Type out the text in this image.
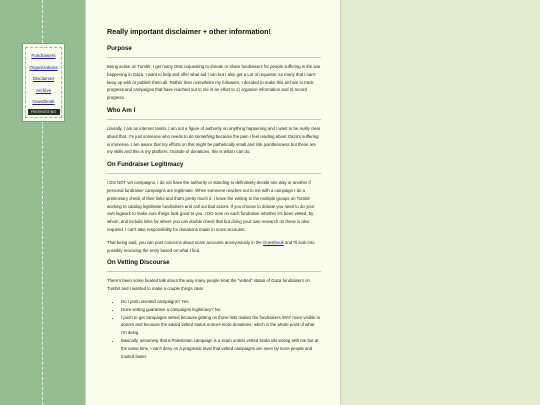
Fundraisers
Organizations
Disclaimer
Archive
Guestbook
FREEHOSTING
Really important disclaimer + other information!
Purpose

Being active on Tumblr, I get many DMs requesting to donate or share fundraisers for people suffering in the war happening in Gaza. I want to help and offer what aid I can but I also get a Lot of requests- so many that I can't keep up with or publish them all. Rather than overwhelm my followers, I decided to make this archive to track progress and campaigns that have reached out to me in an effort to 1) organize information and 2) record progress.

Who Am I

Literally, I am an internet rando. I am not a figure of authority on anything happening and I want to be really clear about that. I'm just someone who needs to do something because the pain I feel reading about Gaza's suffering is immense. I am aware that my efforts on this might be pathetically small and risk pointlessness but these are my skills and this is my platform. Outside of donations, this is what I can do.

On Fundraiser Legitimacy

I DO NOT vet campaigns. I do not have the authority or standing to definitively decide one way or another if personal fundraiser campaigns are legitimate. When someone reaches out to me with a campaign I do a preliminary check of their links and that's pretty much it. I leave the vetting to the multiple groups on Tumblr working to catalog legitimate fundraisers and call out bad actors. If you choose to donate you need to do your own legwork to make sure things look good to you. I DO note on each fundraiser whether it's been vetted, by whom, and include links for where you can double check that but doing your own research on these is also required. I can't take responsibility for donations made to scam accounts.

That being said, you can post concerns about scam accounts anonymously in the Guestbook and I'll look into possibly removing the entry based on what I find.

On Vetting Discourse

There's been some heated talk about the way many people treat the "vetted" status of Gaza fundraisers on Tumblr and I wanted to make a couple things clear.

• Do I post unvetted campaigns? Yes.
• Does vetting guarantee a campaigns legitimacy? No.
• I push to get campaigns vetted because getting on those lists makes the fundraisers WAY more visible to donors and because the added vetted status entices more donations, which is the whole point of what I'm doing.
• Basically, assuming that a Palestinian campaign is a scam unless vetted kinda sits wrong with me but at the same time, I can't deny on a pragmatic level that vetted campaigns are seen by more people and trusted faster.
